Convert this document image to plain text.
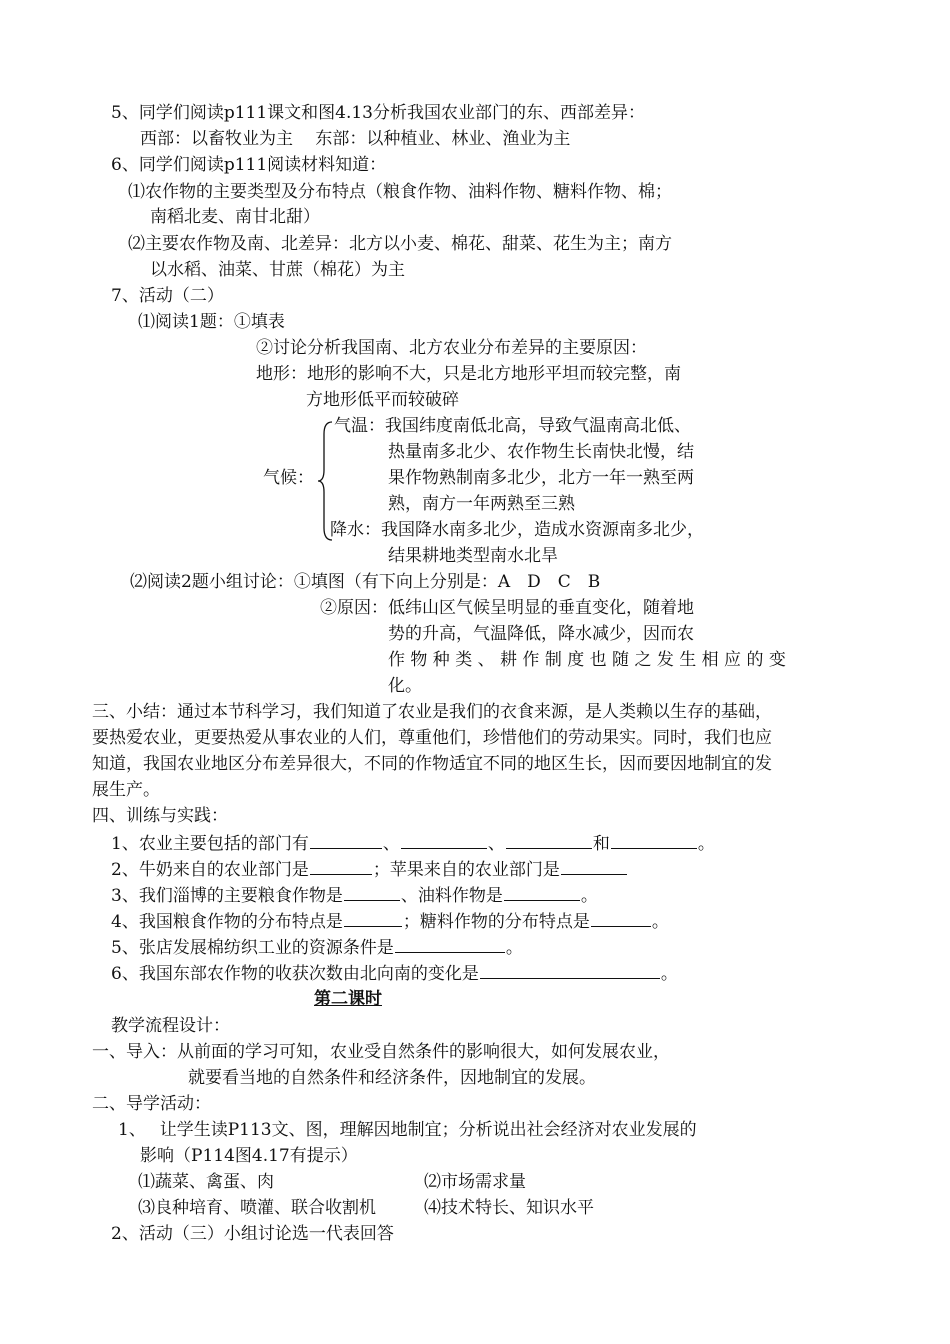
5、同学们阅读p111课文和图4.13分析我国农业部门的东、西部差异：
西部：以畜牧业为主　 东部：以种植业、林业、渔业为主
6、同学们阅读p111阅读材料知道：
⑴农作物的主要类型及分布特点（粮食作物、油料作物、糖料作物、棉；
南稻北麦、南甘北甜）
⑵主要农作物及南、北差异：北方以小麦、棉花、甜菜、花生为主；南方
以水稻、油菜、甘蔗（棉花）为主
7、活动（二）
⑴阅读1题：①填表
②讨论分析我国南、北方农业分布差异的主要原因：
地形：地形的影响不大，只是北方地形平坦而较完整，南
方地形低平而较破碎
气候：
气温：我国纬度南低北高，导致气温南高北低、
热量南多北少、农作物生长南快北慢，结
果作物熟制南多北少，北方一年一熟至两
熟，南方一年两熟至三熟
降水：我国降水南多北少，造成水资源南多北少，
结果耕地类型南水北旱
⑵阅读2题小组讨论：①填图（有下向上分别是：A　D　C　B
②原因：低纬山区气候呈明显的垂直变化，随着地
势的升高，气温降低，降水减少，因而农
作 物 种 类 、 耕 作 制 度 也 随 之 发 生 相 应 的 变
化。
三、小结：通过本节科学习，我们知道了农业是我们的衣食来源，是人类赖以生存的基础，
要热爱农业，更要热爱从事农业的人们，尊重他们，珍惜他们的劳动果实。同时，我们也应
知道，我国农业地区分布差异很大，不同的作物适宜不同的地区生长，因而要因地制宜的发
展生产。
四、训练与实践：
1、农业主要包括的部门有	、	、	和	。
2、牛奶来自的农业部门是	；苹果来自的农业部门是
3、我们淄博的主要粮食作物是	、油料作物是	。
4、我国粮食作物的分布特点是	；糖料作物的分布特点是	。
5、张店发展棉纺织工业的资源条件是	。
6、我国东部农作物的收获次数由北向南的变化是	。
第二课时
教学流程设计：
一、导入：从前面的学习可知，农业受自然条件的影响很大，如何发展农业，
就要看当地的自然条件和经济条件，因地制宜的发展。
二、导学活动：
1、　 让学生读P113文、图，理解因地制宜；分析说出社会经济对农业发展的
影响（P114图4.17有提示）
⑴蔬菜、禽蛋、肉	⑵市场需求量
⑶良种培育、喷灌、联合收割机	⑷技术特长、知识水平
2、活动（三）小组讨论选一代表回答
